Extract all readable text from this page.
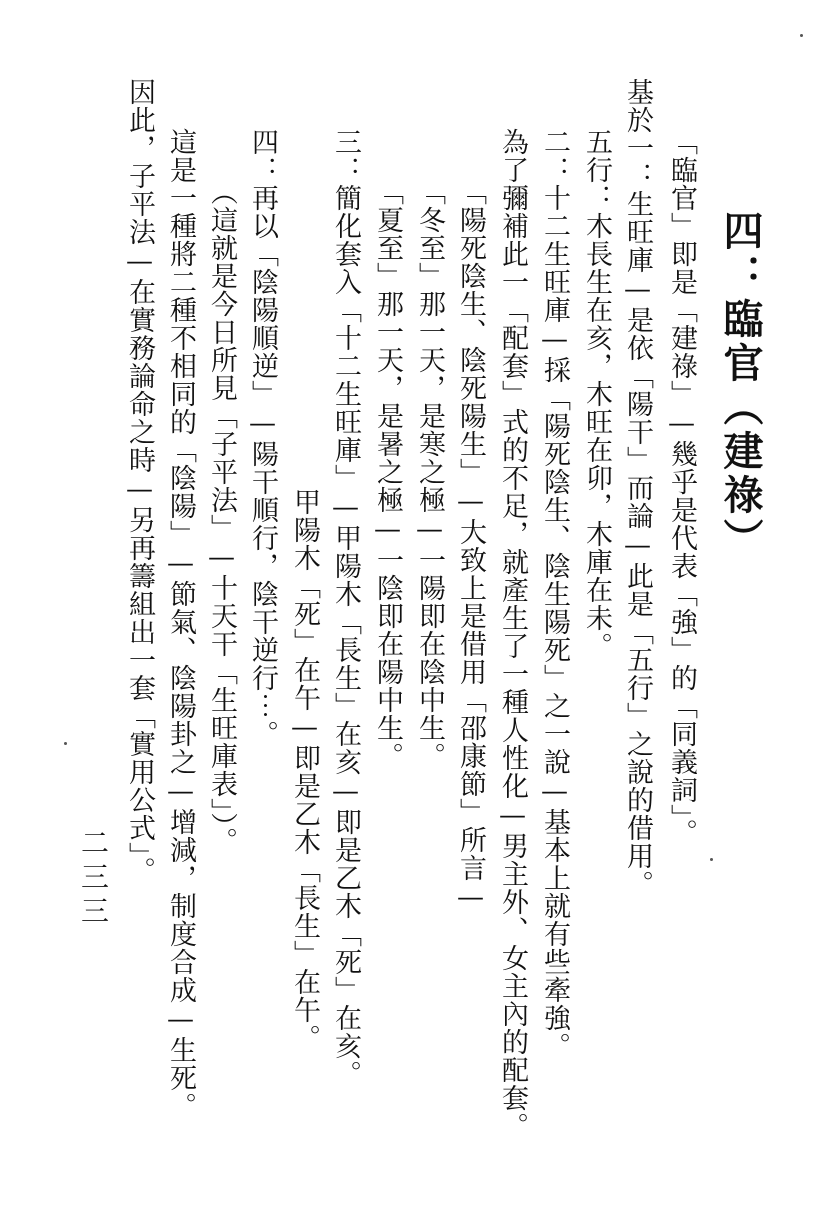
四：臨官（建祿）
「臨官」即是「建祿」—幾乎是代表「強」的「同義詞」。
基於一：生旺庫—是依「陽干」而論—此是「五行」之說的借用。
五行：木長生在亥，木旺在卯，木庫在未。
二：十二生旺庫—採「陽死陰生、陰生陽死」之一說—基本上就有些牽強。
為了彌補此一「配套」式的不足，就產生了一種人性化—男主外、女主內的配套。
「陽死陰生、陰死陽生」—大致上是借用「邵康節」所言—
「冬至」那一天，是寒之極—一陽即在陰中生。
「夏至」那一天，是暑之極—一陰即在陽中生。
三：簡化套入「十二生旺庫」—甲陽木「長生」在亥—即是乙木「死」在亥。
甲陽木「死」在午—即是乙木「長生」在午。
四：再以「陰陽順逆」—陽干順行，陰干逆行⋯。
（這就是今日所見「子平法」—十天干「生旺庫表」）。
這是一種將二種不相同的「陰陽」—節氣、陰陽卦之—增減，制度合成—生死。
因此，子平法—在實務論命之時—另再籌組出一套「實用公式」。
二三三
